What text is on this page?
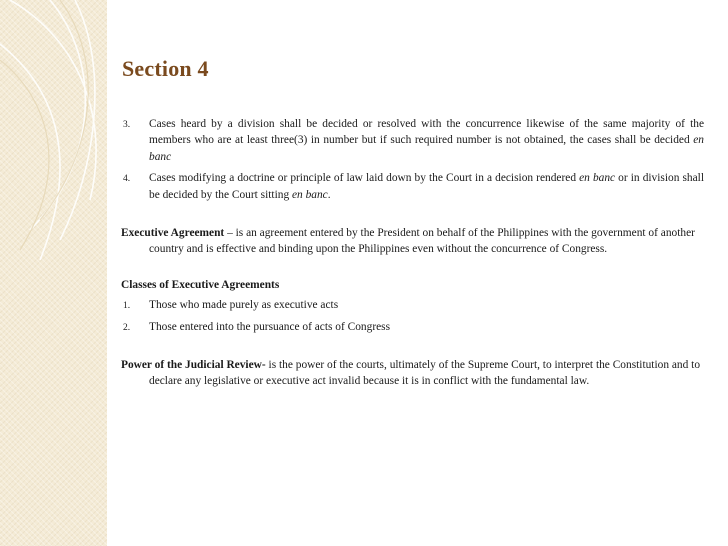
Section 4
3. Cases heard by a division shall be decided or resolved with the concurrence likewise of the same majority of the members who are at least three(3) in number but if such required number is not obtained, the cases shall be decided en banc
4. Cases modifying a doctrine or principle of law laid down by the Court in a decision rendered en banc or in division shall be decided by the Court sitting en banc.
Executive Agreement – is an agreement entered by the President on behalf of the Philippines with the government of another country and is effective and binding upon the Philippines even without the concurrence of Congress.
Classes of Executive Agreements
1. Those who made purely as executive acts
2. Those entered into the pursuance of acts of Congress
Power of the Judicial Review- is the power of the courts, ultimately of the Supreme Court, to interpret the Constitution and to declare any legislative or executive act invalid because it is in conflict with the fundamental law.
